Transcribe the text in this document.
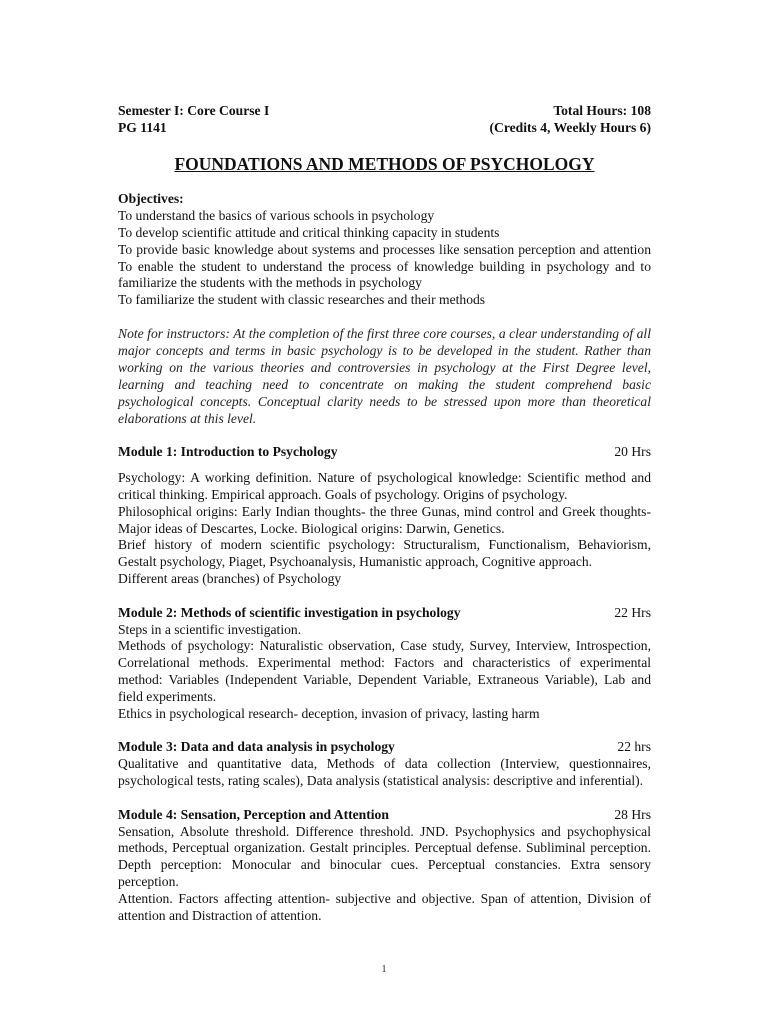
Semester I: Core Course I	Total Hours: 108
PG 1141	(Credits 4, Weekly Hours 6)
FOUNDATIONS AND METHODS OF PSYCHOLOGY
Objectives:

To understand the basics of various schools in psychology

To develop scientific attitude and critical thinking capacity in students

To provide basic knowledge about systems and processes like sensation perception and attention To enable the student to understand the process of knowledge building in psychology and to familiarize the students with the methods in psychology

To familiarize the student with classic researches and their methods

Note for instructors: At the completion of the first three core courses, a clear understanding of all major concepts and terms in basic psychology is to be developed in the student. Rather than working on the various theories and controversies in psychology at the First Degree level, learning and teaching need to concentrate on making the student comprehend basic psychological concepts. Conceptual clarity needs to be stressed upon more than theoretical elaborations at this level.

Module 1: Introduction to Psychology	20 Hrs

Psychology: A working definition. Nature of psychological knowledge: Scientific method and critical thinking. Empirical approach. Goals of psychology. Origins of psychology.

Philosophical origins: Early Indian thoughts- the three Gunas, mind control and Greek thoughts- Major ideas of Descartes, Locke. Biological origins: Darwin, Genetics.

Brief history of modern scientific psychology: Structuralism, Functionalism, Behaviorism, Gestalt psychology, Piaget, Psychoanalysis, Humanistic approach, Cognitive approach.

Different areas (branches) of Psychology

Module 2: Methods of scientific investigation in psychology	22 Hrs

Steps in a scientific investigation.

Methods of psychology: Naturalistic observation, Case study, Survey, Interview, Introspection, Correlational methods. Experimental method: Factors and characteristics of experimental method: Variables (Independent Variable, Dependent Variable, Extraneous Variable), Lab and field experiments.

Ethics in psychological research- deception, invasion of privacy, lasting harm

Module 3: Data and data analysis in psychology	22 hrs

Qualitative and quantitative data, Methods of data collection (Interview, questionnaires, psychological tests, rating scales), Data analysis (statistical analysis: descriptive and inferential).

Module 4: Sensation, Perception and Attention	28 Hrs

Sensation, Absolute threshold. Difference threshold. JND. Psychophysics and psychophysical methods, Perceptual organization. Gestalt principles. Perceptual defense. Subliminal perception. Depth perception: Monocular and binocular cues. Perceptual constancies. Extra sensory perception.

Attention. Factors affecting attention- subjective and objective. Span of attention, Division of attention and Distraction of attention.

1
